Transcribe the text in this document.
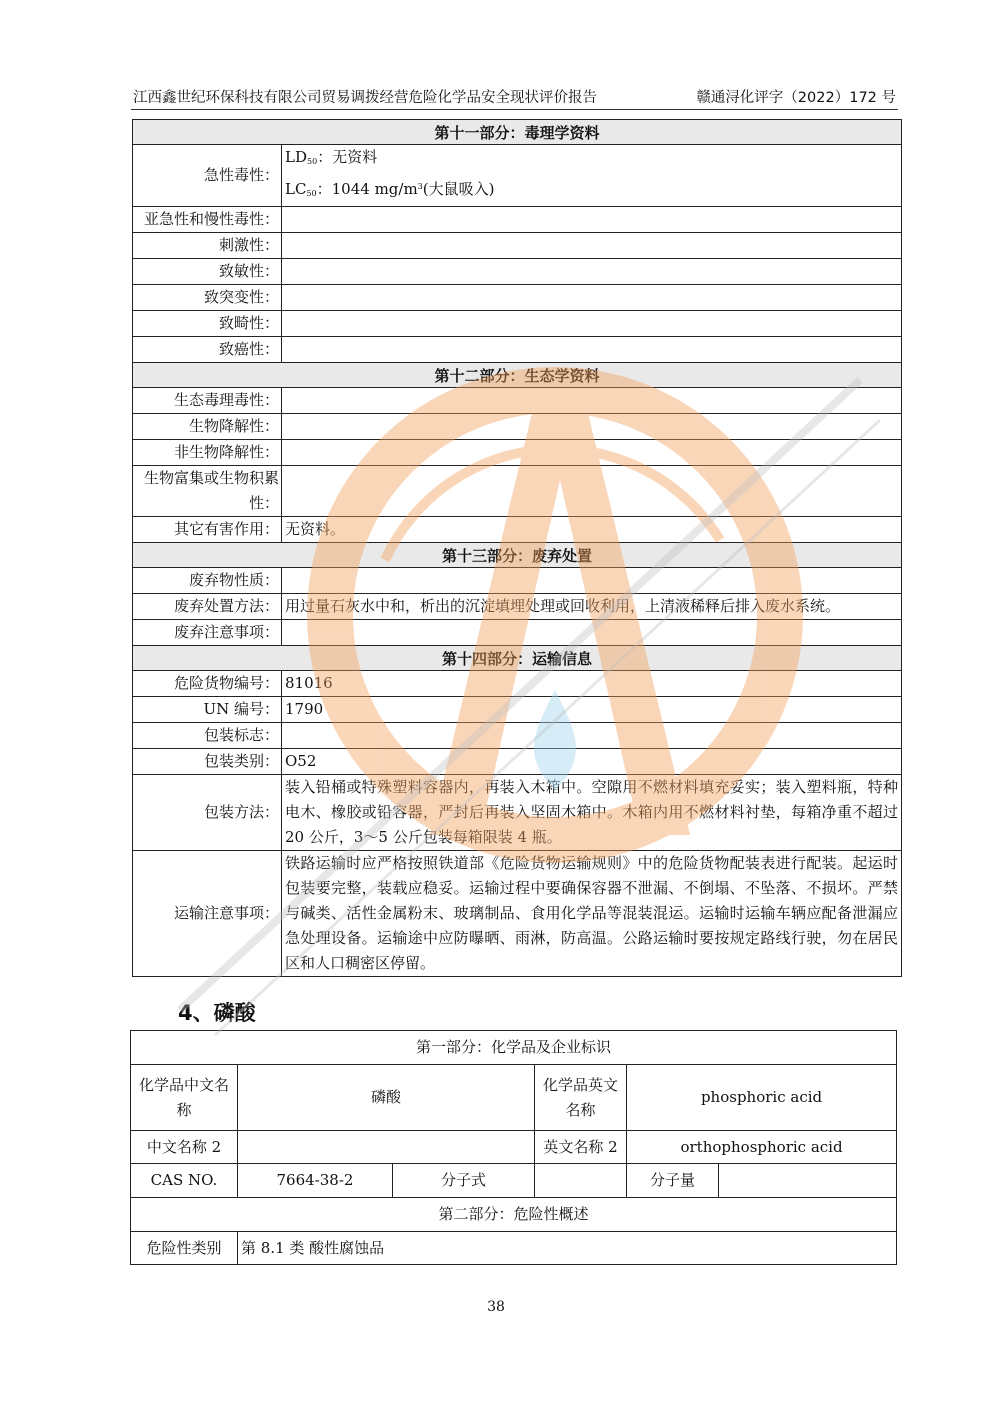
江西鑫世纪环保科技有限公司贸易调拨经营危险化学品安全现状评价报告	赣通浔化评字（2022）172 号
第十一部分：毒理学资料	
急性毒性：	$LD_{50}$：无资料
$LC_{50}$：1044 $mg/m^3$(大鼠吸入)

亚急性和慢性毒性：	
刺激性：	
致敏性：	
致突变性：	
致畸性：	
致癌性：	
第十二部分：生态学资料	
生态毒理毒性：	
生物降解性：	
非生物降解性：	
生物富集或生物积累性：	
其它有害作用：	无资料。
第十三部分：废弃处置	
废弃物性质：	
废弃处置方法：	用过量石灰水中和，析出的沉淀填埋处理或回收利用，上清液稀释后排入废水系统。
废弃注意事项：	
第十四部分：运输信息	
危险货物编号：	81016
UN 编号：	1790
包装标志：	
包装类别：	O52
包装方法：	装入铅桶或特殊塑料容器内，再装入木箱中。空隙用不燃材料填充妥实；装入塑料瓶，特种电木、橡胶或铅容器，严封后再装入坚固木箱中。木箱内用不燃材料衬垫，每箱净重不超过 20 公斤，3～5 公斤包装每箱限装 4 瓶。
运输注意事项：	铁路运输时应严格按照铁道部《危险货物运输规则》中的危险货物配装表进行配装。起运时包装要完整，装载应稳妥。运输过程中要确保容器不泄漏、不倒塌、不坠落、不损坏。严禁与碱类、活性金属粉末、玻璃制品、食用化学品等混装混运。运输时运输车辆应配备泄漏应急处理设备。运输途中应防曝晒、雨淋，防高温。公路运输时要按规定路线行驶，勿在居民区和人口稠密区停留。
4、磷酸
第一部分：化学品及企业标识					
化学品中文名称	磷酸		化学品英文名称	phosphoric acid	
中文名称 2			英文名称 2	orthophosphoric acid	
CAS NO.	7664-38-2	分子式		分子量	
第二部分：危险性概述					
危险性类别	第 8.1 类 酸性腐蚀品				
38
